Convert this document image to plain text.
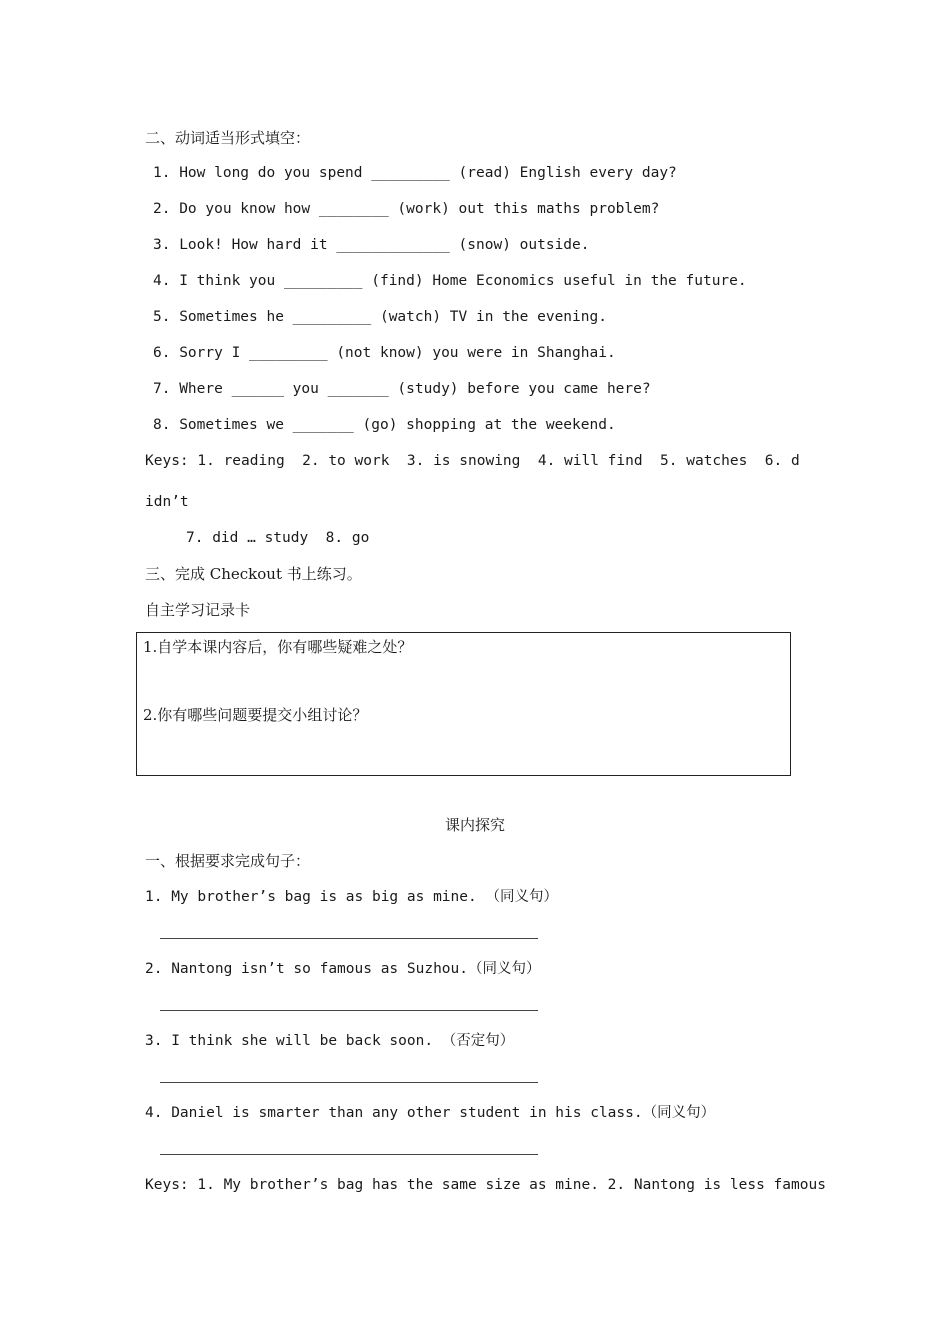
二、动词适当形式填空：
1. How long do you spend _________ (read) English every day?
2. Do you know how ________ (work) out this maths problem?
3. Look! How hard it _____________ (snow) outside.
4. I think you _________ (find) Home Economics useful in the future.
5. Sometimes he _________ (watch) TV in the evening.
6. Sorry I _________ (not know) you were in Shanghai.
7. Where ______ you _______ (study) before you came here?
8. Sometimes we _______ (go) shopping at the weekend.
Keys: 1. reading  2. to work  3. is snowing  4. will find  5. watches  6. d
idn’t
7. did … study  8. go
三、完成 Checkout 书上练习。
自主学习记录卡
1.自学本课内容后，你有哪些疑难之处？
2.你有哪些问题要提交小组讨论？
课内探究
一、根据要求完成句子：
1. My brother’s bag is as big as mine. （同义句）
2. Nantong isn’t so famous as Suzhou.（同义句）
3. I think she will be back soon. （否定句）
4. Daniel is smarter than any other student in his class.（同义句）
Keys: 1. My brother’s bag has the same size as mine. 2. Nantong is less famous
